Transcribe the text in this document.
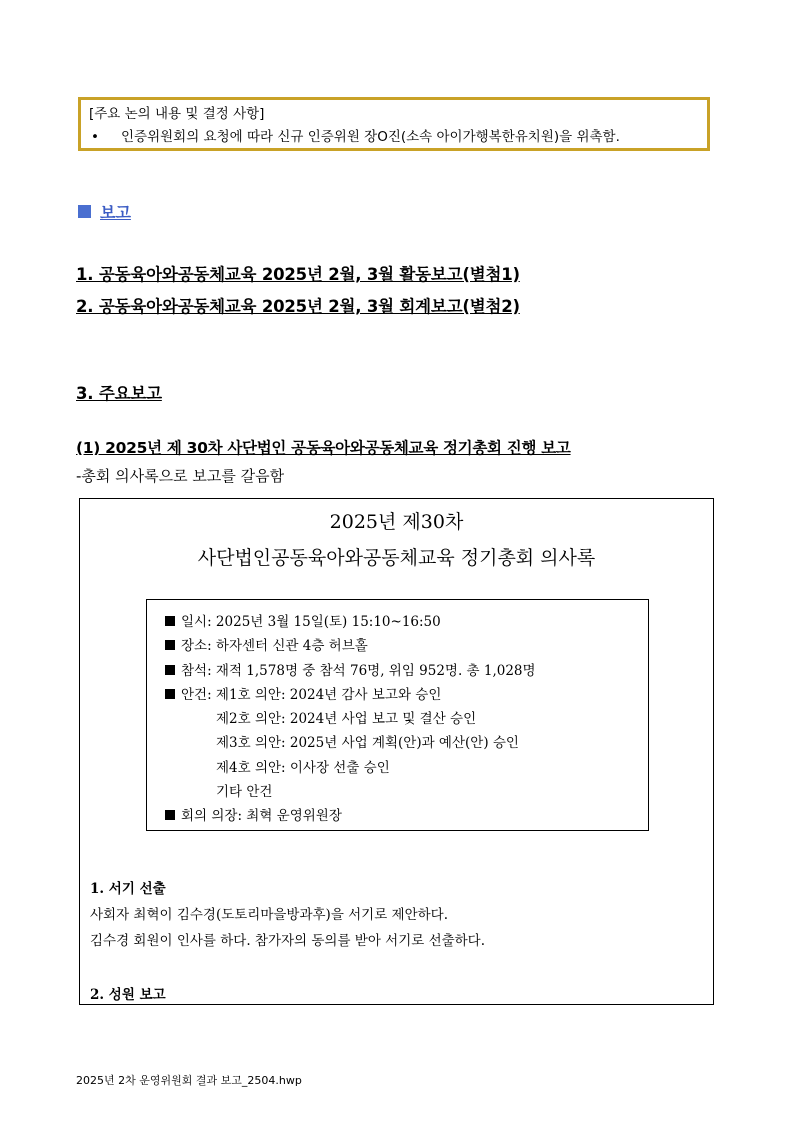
[주요 논의 내용 및 결정 사항]
•	인증위원회의 요청에 따라 신규 인증위원 장O진(소속 아이가행복한유치원)을 위촉함.
보고
1. 공동육아와공동체교육 2025년 2월, 3월 활동보고(별첨1)
2. 공동육아와공동체교육 2025년 2월, 3월 회계보고(별첨2)
3. 주요보고
(1) 2025년 제 30차 사단법인 공동육아와공동체교육 정기총회 진행 보고
-총회 의사록으로 보고를 갈음함
2025년 제30차
사단법인공동육아와공동체교육 정기총회 의사록
일시: 2025년 3월 15일(토) 15:10~16:50
장소: 하자센터 신관 4층 허브홀
참석: 재적 1,578명 중 참석 76명, 위임 952명. 총 1,028명
안건: 제1호 의안: 2024년 감사 보고와 승인
제2호 의안: 2024년 사업 보고 및 결산 승인
제3호 의안: 2025년 사업 계획(안)과 예산(안) 승인
제4호 의안: 이사장 선출 승인
기타 안건
회의 의장: 최혁 운영위원장
1. 서기 선출
사회자 최혁이 김수경(도토리마을방과후)을 서기로 제안하다.
김수경 회원이 인사를 하다. 참가자의 동의를 받아 서기로 선출하다.
2. 성원 보고
2025년 2차 운영위원회 결과 보고_2504.hwp
